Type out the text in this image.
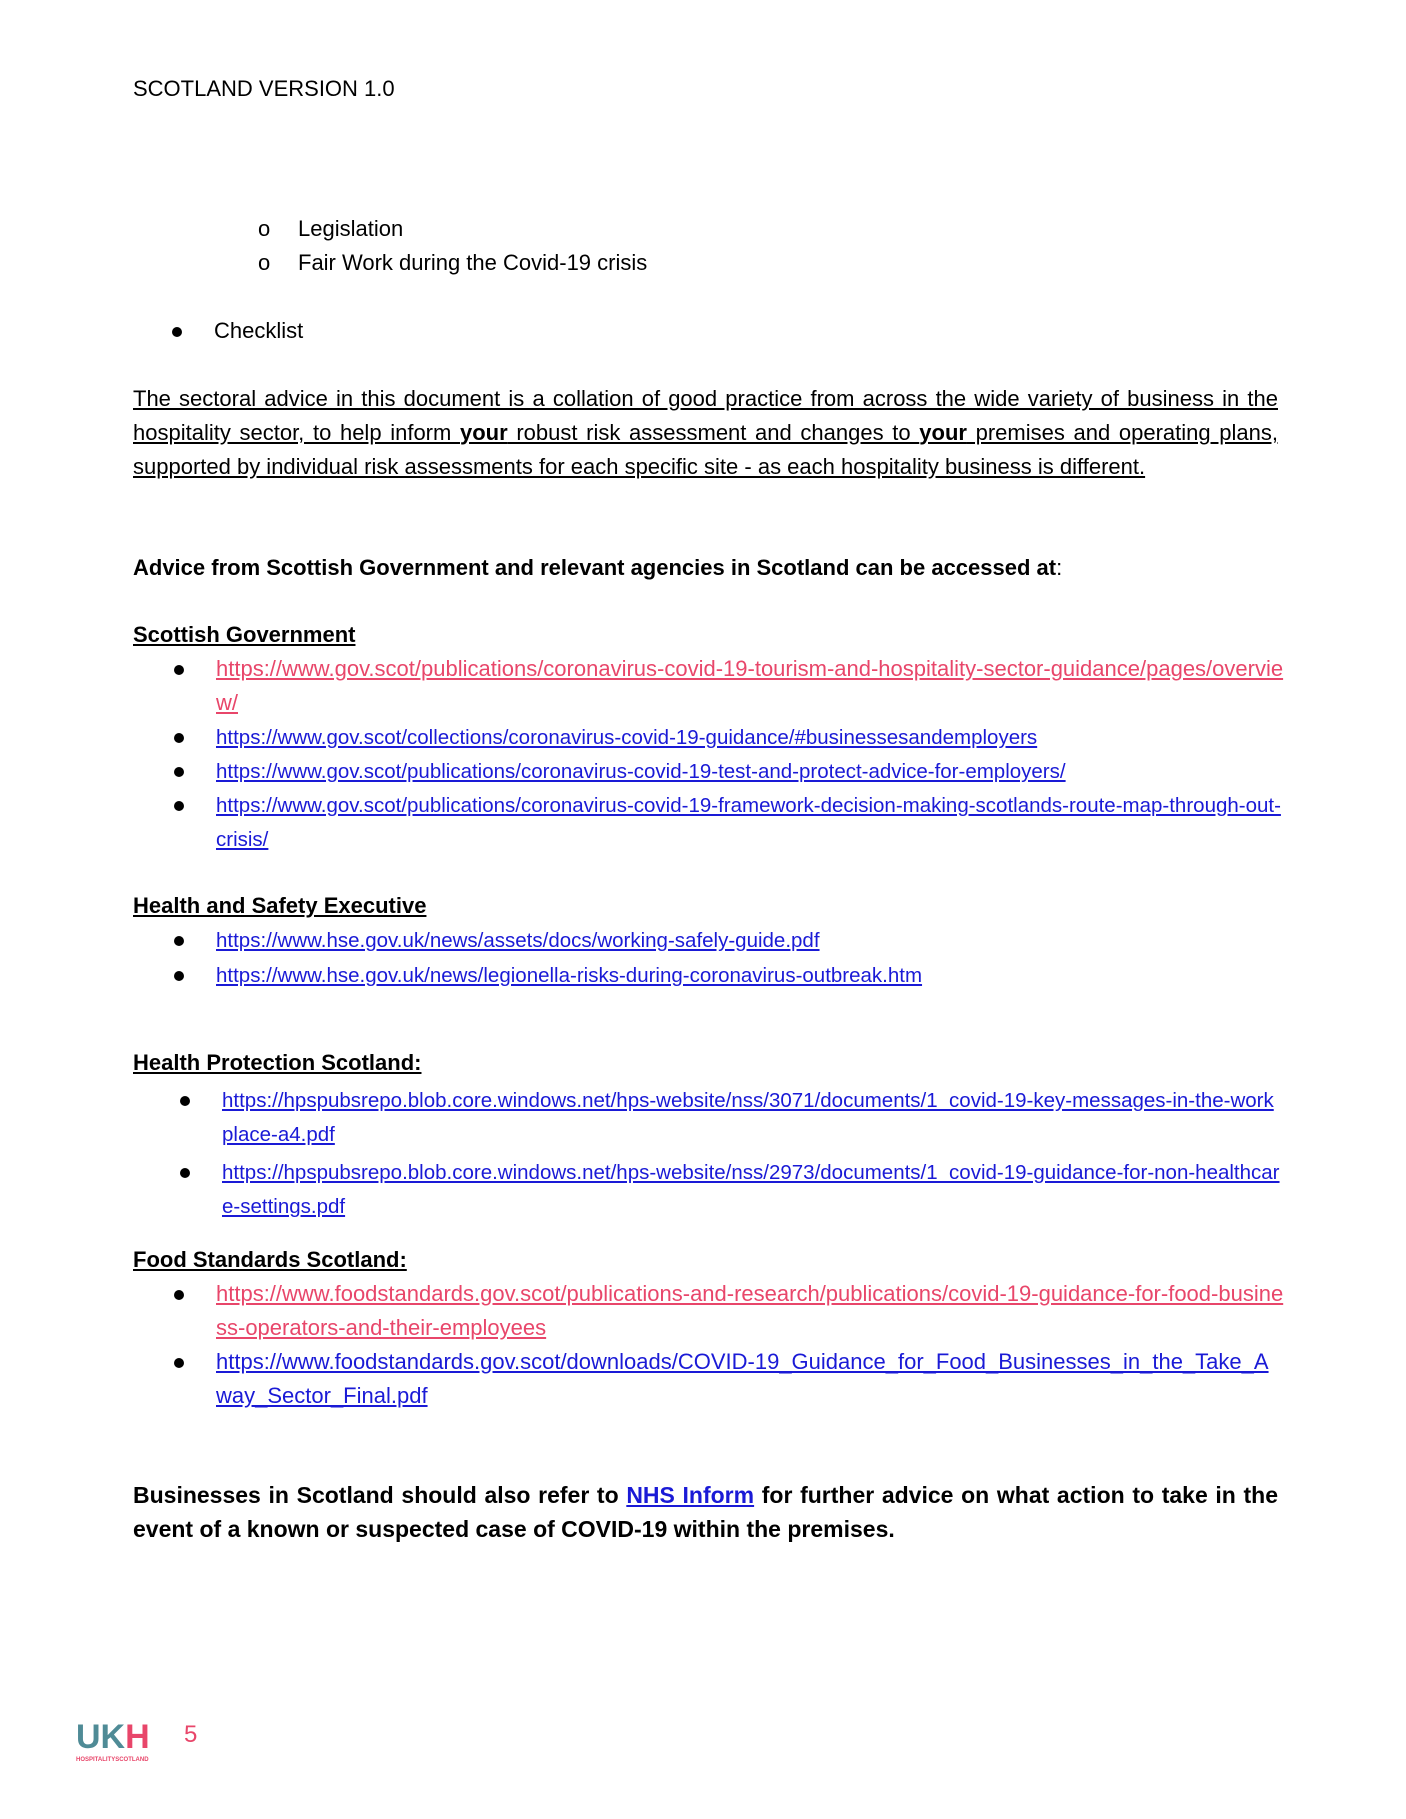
SCOTLAND VERSION 1.0
o	Legislation
o	Fair Work during the Covid-19 crisis
Checklist
The sectoral advice in this document is a collation of good practice from across the wide variety of business in the hospitality sector, to help inform your robust risk assessment and changes to your premises and operating plans, supported by individual risk assessments for each specific site - as each hospitality business is different.
Advice from Scottish Government and relevant agencies in Scotland can be accessed at:
Scottish Government
https://www.gov.scot/publications/coronavirus-covid-19-tourism-and-hospitality-sector-guidance/pages/overview/
https://www.gov.scot/collections/coronavirus-covid-19-guidance/#businessesandemployers
https://www.gov.scot/publications/coronavirus-covid-19-test-and-protect-advice-for-employers/
https://www.gov.scot/publications/coronavirus-covid-19-framework-decision-making-scotlands-route-map-through-out-crisis/
Health and Safety Executive
https://www.hse.gov.uk/news/assets/docs/working-safely-guide.pdf
https://www.hse.gov.uk/news/legionella-risks-during-coronavirus-outbreak.htm
Health Protection Scotland:
https://hpspubsrepo.blob.core.windows.net/hps-website/nss/3071/documents/1_covid-19-key-messages-in-the-workplace-a4.pdf
https://hpspubsrepo.blob.core.windows.net/hps-website/nss/2973/documents/1_covid-19-guidance-for-non-healthcare-settings.pdf
Food Standards Scotland:
https://www.foodstandards.gov.scot/publications-and-research/publications/covid-19-guidance-for-food-business-operators-and-their-employees
https://www.foodstandards.gov.scot/downloads/COVID-19_Guidance_for_Food_Businesses_in_the_Take_Away_Sector_Final.pdf
Businesses in Scotland should also refer to NHS Inform for further advice on what action to take in the event of a known or suspected case of COVID-19 within the premises.
UKH
HOSPITALITYSCOTLAND
5
